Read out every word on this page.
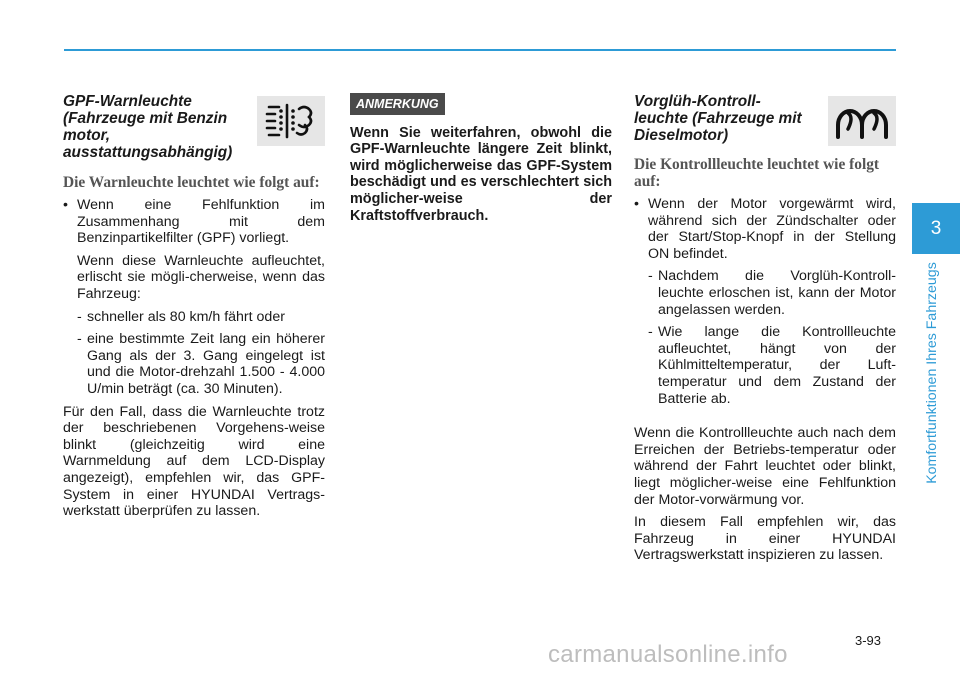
GPF-Warnleuchte (Fahrzeuge mit Benzin motor, ausstattungsabhängig)
Die Warnleuchte leuchtet wie folgt auf:
• Wenn eine Fehlfunktion im Zusammenhang mit dem Benzinpartikelfilter (GPF) vorliegt.

Wenn diese Warnleuchte aufleuchtet, erlischt sie mögli-cherweise, wenn das Fahrzeug:

- schneller als 80 km/h fährt oder
- eine bestimmte Zeit lang ein höherer Gang als der 3. Gang eingelegt ist und die Motor-drehzahl 1.500 - 4.000 U/min beträgt (ca. 30 Minuten).

Für den Fall, dass die Warnleuchte trotz der beschriebenen Vorgehens-weise blinkt (gleichzeitig wird eine Warnmeldung auf dem LCD-Display angezeigt), empfehlen wir, das GPF-System in einer HYUNDAI Vertrags-werkstatt überprüfen zu lassen.

ANMERKUNG
Wenn Sie weiterfahren, obwohl die GPF-Warnleuchte längere Zeit blinkt, wird möglicherweise das GPF-System beschädigt und es verschlechtert sich möglicher-weise der Kraftstoffverbrauch.
Vorglüh-Kontroll-leuchte (Fahrzeuge mit Dieselmotor)
Die Kontrollleuchte leuchtet wie folgt auf:
• Wenn der Motor vorgewärmt wird, während sich der Zündschalter oder der Start/Stop-Knopf in der Stellung ON befindet.
- Nachdem die Vorglüh-Kontroll-leuchte erloschen ist, kann der Motor angelassen werden.
- Wie lange die Kontrollleuchte aufleuchtet, hängt von der Kühlmitteltemperatur, der Luft-temperatur und dem Zustand der Batterie ab.

Wenn die Kontrollleuchte auch nach dem Erreichen der Betriebs-temperatur oder während der Fahrt leuchtet oder blinkt, liegt möglicher-weise eine Fehlfunktion der Motor-vorwärmung vor.

In diesem Fall empfehlen wir, das Fahrzeug in einer HYUNDAI Vertragswerkstatt inspizieren zu lassen.

3
Komfortfunktionen Ihres Fahrzeugs
3-93
carmanualsonline.info
